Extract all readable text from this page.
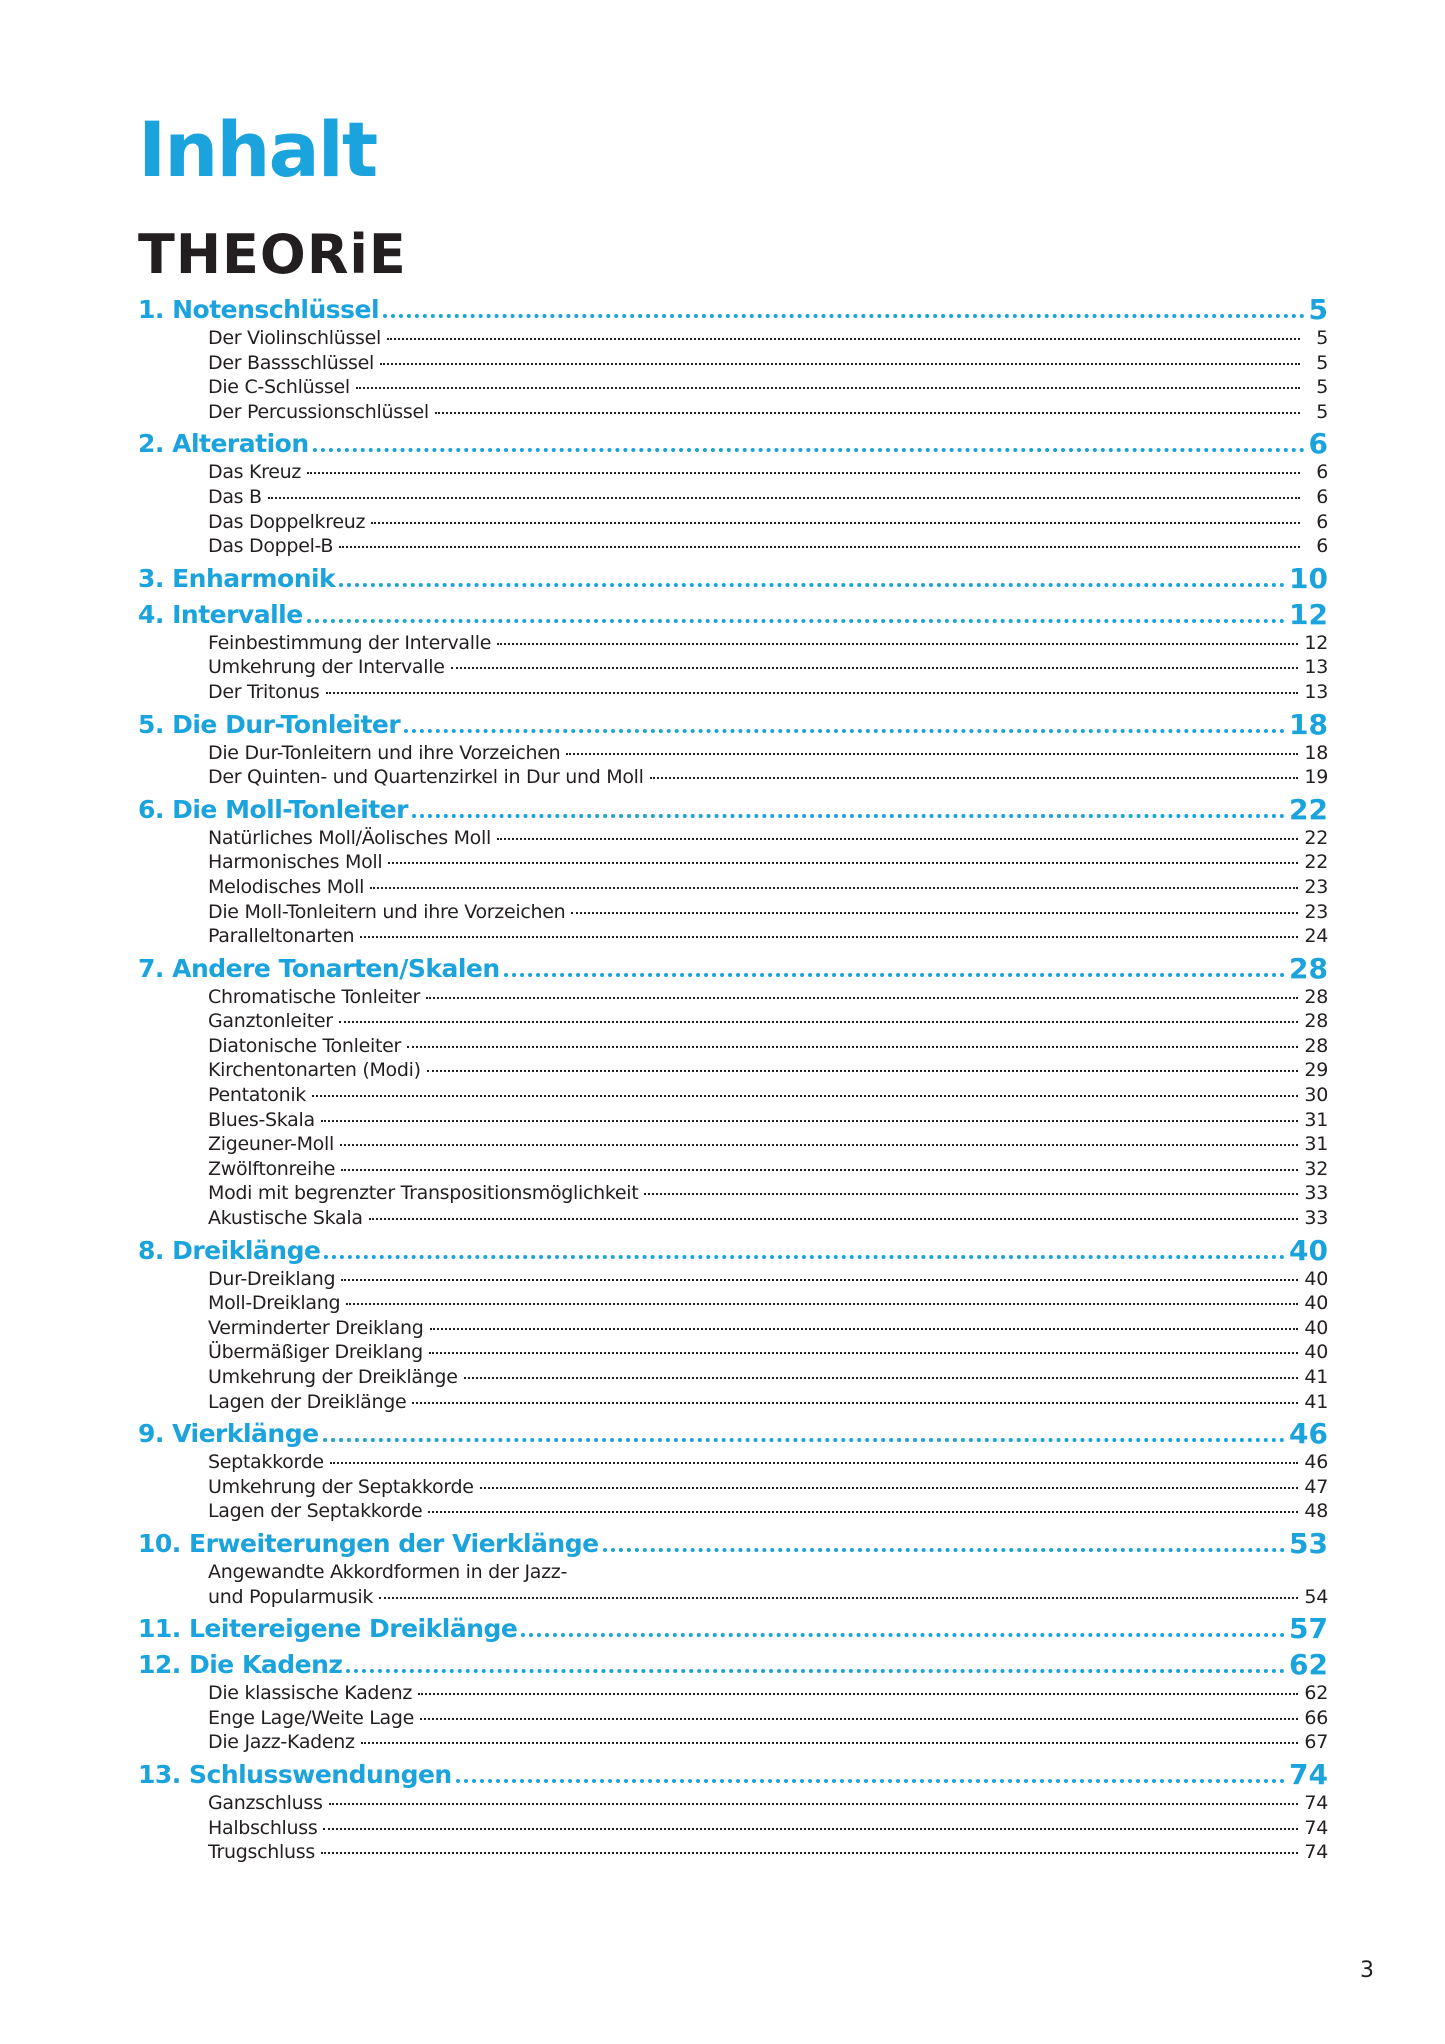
Inhalt
THEORiE
1. Notenschlüssel	5
Der Violinschlüssel	5
Der Bassschlüssel	5
Die C-Schlüssel	5
Der Percussionschlüssel	5
2. Alteration	6
Das Kreuz	6
Das B	6
Das Doppelkreuz	6
Das Doppel-B	6
3. Enharmonik	10
4. Intervalle	12
Feinbestimmung der Intervalle	12
Umkehrung der Intervalle	13
Der Tritonus	13
5. Die Dur-Tonleiter	18
Die Dur-Tonleitern und ihre Vorzeichen	18
Der Quinten- und Quartenzirkel in Dur und Moll	19
6. Die Moll-Tonleiter	22
Natürliches Moll/Äolisches Moll	22
Harmonisches Moll	22
Melodisches Moll	23
Die Moll-Tonleitern und ihre Vorzeichen	23
Paralleltonarten	24
7. Andere Tonarten/Skalen	28
Chromatische Tonleiter	28
Ganztonleiter	28
Diatonische Tonleiter	28
Kirchentonarten (Modi)	29
Pentatonik	30
Blues-Skala	31
Zigeuner-Moll	31
Zwölftonreihe	32
Modi mit begrenzter Transpositionsmöglichkeit	33
Akustische Skala	33
8. Dreiklänge	40
Dur-Dreiklang	40
Moll-Dreiklang	40
Verminderter Dreiklang	40
Übermäßiger Dreiklang	40
Umkehrung der Dreiklänge	41
Lagen der Dreiklänge	41
9. Vierklänge	46
Septakkorde	46
Umkehrung der Septakkorde	47
Lagen der Septakkorde	48
10. Erweiterungen der Vierklänge	53
Angewandte Akkordformen in der Jazz-
und Popularmusik	54
11. Leitereigene Dreiklänge	57
12. Die Kadenz	62
Die klassische Kadenz	62
Enge Lage/Weite Lage	66
Die Jazz-Kadenz	67
13. Schlusswendungen	74
Ganzschluss	74
Halbschluss	74
Trugschluss	74
3
